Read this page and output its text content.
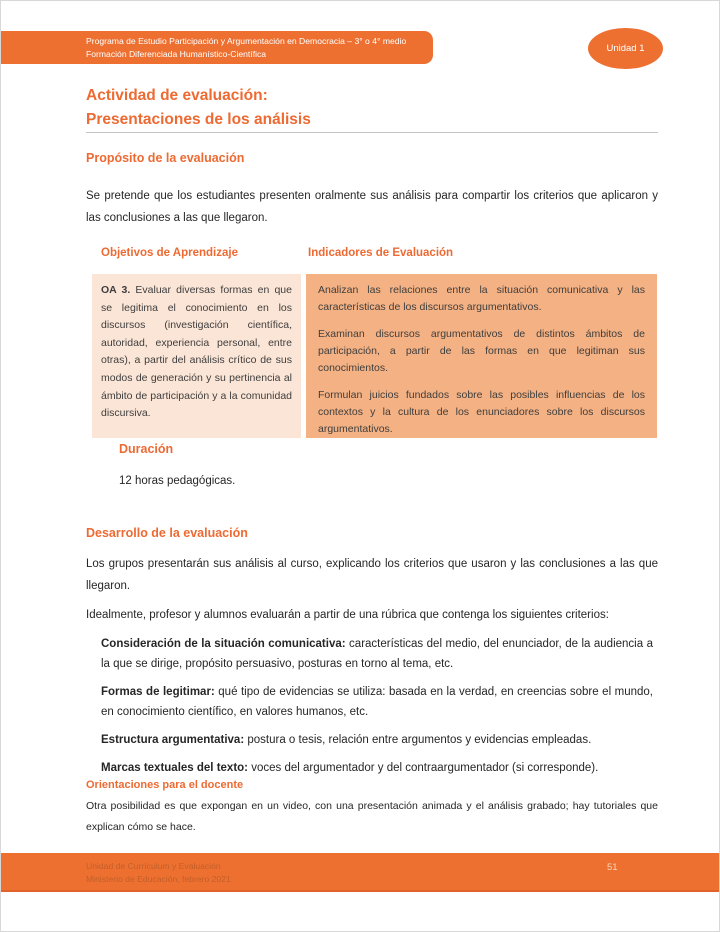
Programa de Estudio Participación y Argumentación en Democracia – 3° o 4° medio
Formación Diferenciada Humanístico-Científica	Unidad 1
Actividad de evaluación:
Presentaciones de los análisis
Propósito de la evaluación
Se pretende que los estudiantes presenten oralmente sus análisis para compartir los criterios que aplicaron y las conclusiones a las que llegaron.
Objetivos de Aprendizaje	Indicadores de Evaluación
OA 3. Evaluar diversas formas en que se legitima el conocimiento en los discursos (investigación científica, autoridad, experiencia personal, entre otras), a partir del análisis crítico de sus modos de generación y su pertinencia al ámbito de participación y a la comunidad discursiva.

Analizan las relaciones entre la situación comunicativa y las características de los discursos argumentativos.

Examinan discursos argumentativos de distintos ámbitos de participación, a partir de las formas en que legitiman sus conocimientos.

Formulan juicios fundados sobre las posibles influencias de los contextos y la cultura de los enunciadores sobre los discursos argumentativos.

Duración
12 horas pedagógicas.
Desarrollo de la evaluación
Los grupos presentarán sus análisis al curso, explicando los criterios que usaron y las conclusiones a las que llegaron.
Idealmente, profesor y alumnos evaluarán a partir de una rúbrica que contenga los siguientes criterios:

Consideración de la situación comunicativa: características del medio, del enunciador, de la audiencia a la que se dirige, propósito persuasivo, posturas en torno al tema, etc.

Formas de legitimar: qué tipo de evidencias se utiliza: basada en la verdad, en creencias sobre el mundo, en conocimiento científico, en valores humanos, etc.

Estructura argumentativa: postura o tesis, relación entre argumentos y evidencias empleadas.

Marcas textuales del texto: voces del argumentador y del contraargumentador (si corresponde).

Orientaciones para el docente
Otra posibilidad es que expongan en un video, con una presentación animada y el análisis grabado; hay tutoriales que explican cómo se hace.
Unidad de Currículum y Evaluación
Ministerio de Educación, febrero 2021
51
